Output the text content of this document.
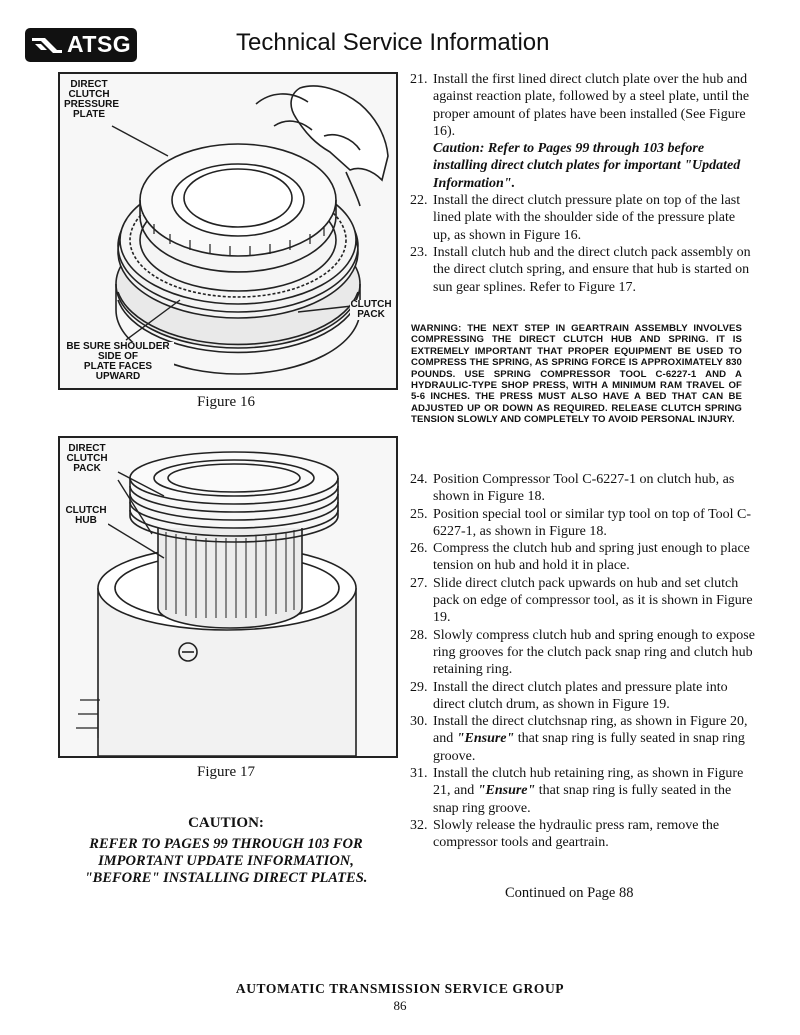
ATSG	Technical Service Information
DIRECT
CLUTCH
PRESSURE
PLATE
CLUTCH
PACK
BE SURE SHOULDER
SIDE OF
PLATE FACES
UPWARD
Figure 16
DIRECT
CLUTCH
PACK
CLUTCH
HUB
Figure 17
CAUTION:
REFER TO PAGES 99 THROUGH 103 FOR
IMPORTANT UPDATE INFORMATION,
"BEFORE" INSTALLING DIRECT PLATES.
21. Install the first lined direct clutch plate over the hub and against reaction plate, followed by a steel plate, until the proper amount of plates have been installed (See Figure 16).
Caution: Refer to Pages 99 through 103 before installing direct clutch plates for important "Updated Information".
22. Install the direct clutch pressure plate on top of the last lined plate with the shoulder side of the pressure plate up, as shown in Figure 16.
23. Install clutch hub and the direct clutch pack assembly on the direct clutch spring, and ensure that hub is started on sun gear splines. Refer to Figure 17.
WARNING: THE NEXT STEP IN GEARTRAIN ASSEMBLY INVOLVES COMPRESSING THE DIRECT CLUTCH HUB AND SPRING. IT IS EXTREMELY IMPORTANT THAT PROPER EQUIPMENT BE USED TO COMPRESS THE SPRING, AS SPRING FORCE IS APPROXIMATELY 830 POUNDS. USE SPRING COMPRESSOR TOOL C-6227-1 AND A HYDRAULIC-TYPE SHOP PRESS, WITH A MINIMUM RAM TRAVEL OF 5-6 INCHES. THE PRESS MUST ALSO HAVE A BED THAT CAN BE ADJUSTED UP OR DOWN AS REQUIRED. RELEASE CLUTCH SPRING TENSION SLOWLY AND COMPLETELY TO AVOID PERSONAL INJURY.
24. Position Compressor Tool C-6227-1 on clutch hub, as shown in Figure 18.
25. Position special tool or similar typ tool on top of Tool C-6227-1, as shown in Figure 18.
26. Compress the clutch hub and spring just enough to place tension on hub and hold it in place.
27. Slide direct clutch pack upwards on hub and set clutch pack on edge of compressor tool, as it is shown in Figure 19.
28. Slowly compress clutch hub and spring enough to expose ring grooves for the clutch pack snap ring and clutch hub retaining ring.
29. Install the direct clutch plates and pressure plate into direct clutch drum, as shown in Figure 19.
30. Install the direct clutchsnap ring, as shown in Figure 20, and "Ensure" that snap ring is fully seated in snap ring groove.
31. Install the clutch hub retaining ring, as shown in Figure 21, and "Ensure" that snap ring is fully seated in the snap ring groove.
32. Slowly release the hydraulic press ram, remove the compressor tools and geartrain.
Continued on Page 88
AUTOMATIC TRANSMISSION SERVICE GROUP
86
